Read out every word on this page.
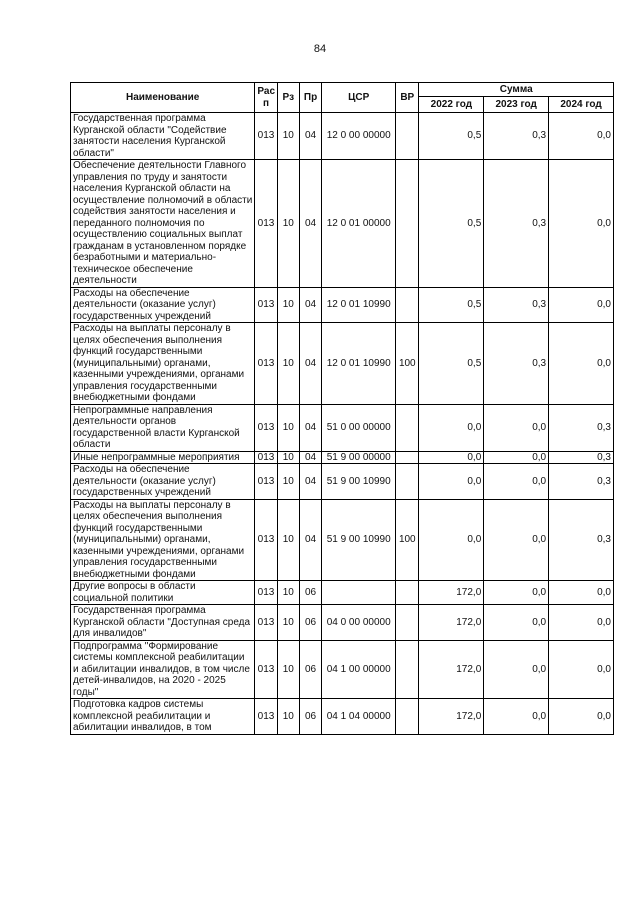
84
Наименование	Рас п	Рз	Пр	ЦСР	ВР	Сумма		
						2022 год	2023 год	2024 год
Государственная программа Курганской области "Содействие занятости населения Курганской области"	013	10	04	12 0 00 00000		0,5	0,3	0,0
Обеспечение деятельности Главного управления по труду и занятости населения Курганской области на осуществление полномочий в области содействия занятости населения и переданного полномочия по осуществлению социальных выплат гражданам в установленном порядке безработными и материально-техническое обеспечение деятельности	013	10	04	12 0 01 00000		0,5	0,3	0,0
Расходы на обеспечение деятельности (оказание услуг) государственных учреждений	013	10	04	12 0 01 10990		0,5	0,3	0,0
Расходы на выплаты персоналу в целях обеспечения выполнения функций государственными (муниципальными) органами, казенными учреждениями, органами управления государственными внебюджетными фондами	013	10	04	12 0 01 10990	100	0,5	0,3	0,0
Непрограммные направления деятельности органов государственной власти Курганской области	013	10	04	51 0 00 00000		0,0	0,0	0,3
Иные непрограммные мероприятия	013	10	04	51 9 00 00000		0,0	0,0	0,3
Расходы на обеспечение деятельности (оказание услуг) государственных учреждений	013	10	04	51 9 00 10990		0,0	0,0	0,3
Расходы на выплаты персоналу в целях обеспечения выполнения функций государственными (муниципальными) органами, казенными учреждениями, органами управления государственными внебюджетными фондами	013	10	04	51 9 00 10990	100	0,0	0,0	0,3
Другие вопросы в области социальной политики	013	10	06			172,0	0,0	0,0
Государственная программа Курганской области "Доступная среда для инвалидов"	013	10	06	04 0 00 00000		172,0	0,0	0,0
Подпрограмма "Формирование системы комплексной реабилитации и абилитации инвалидов, в том числе детей-инвалидов, на 2020 - 2025 годы"	013	10	06	04 1 00 00000		172,0	0,0	0,0
Подготовка кадров системы комплексной реабилитации и абилитации инвалидов, в том	013	10	06	04 1 04 00000		172,0	0,0	0,0
